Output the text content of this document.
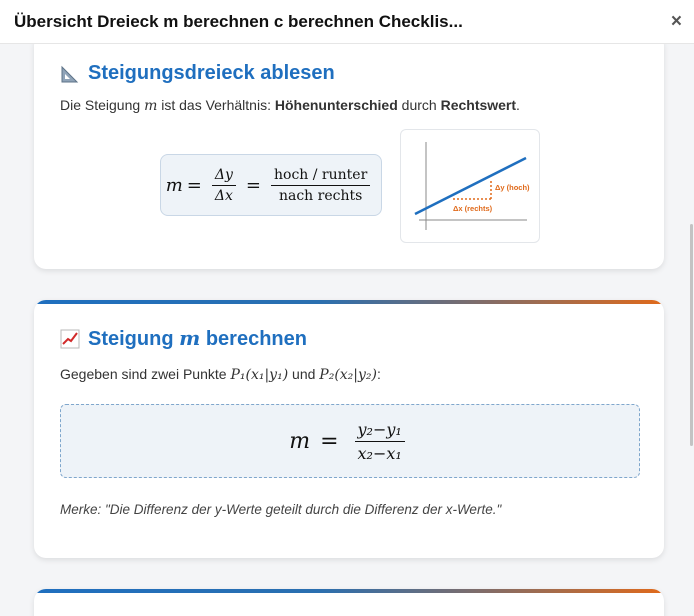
Übersicht Dreieck m berechnen c berechnen Checklis...	×
Steigungsdreieck ablesen

Die Steigung m ist das Verhältnis: Höhenunterschied durch Rechtswert.

$m = \frac{\Delta y}{\Delta x} = \frac{\text{hoch / runter}}{\text{nach rechts}}$	Δy (hoch)
Δx (rechts)
Steigung m berechnen

Gegeben sind zwei Punkte P₁(x₁|y₁) und P₂(x₂|y₂):

$m = \frac{\text{y₂−y₁}}{\text{x₂−x₁}}$

Merke: "Die Differenz der y-Werte geteilt durch die Differenz der x-Werte."
